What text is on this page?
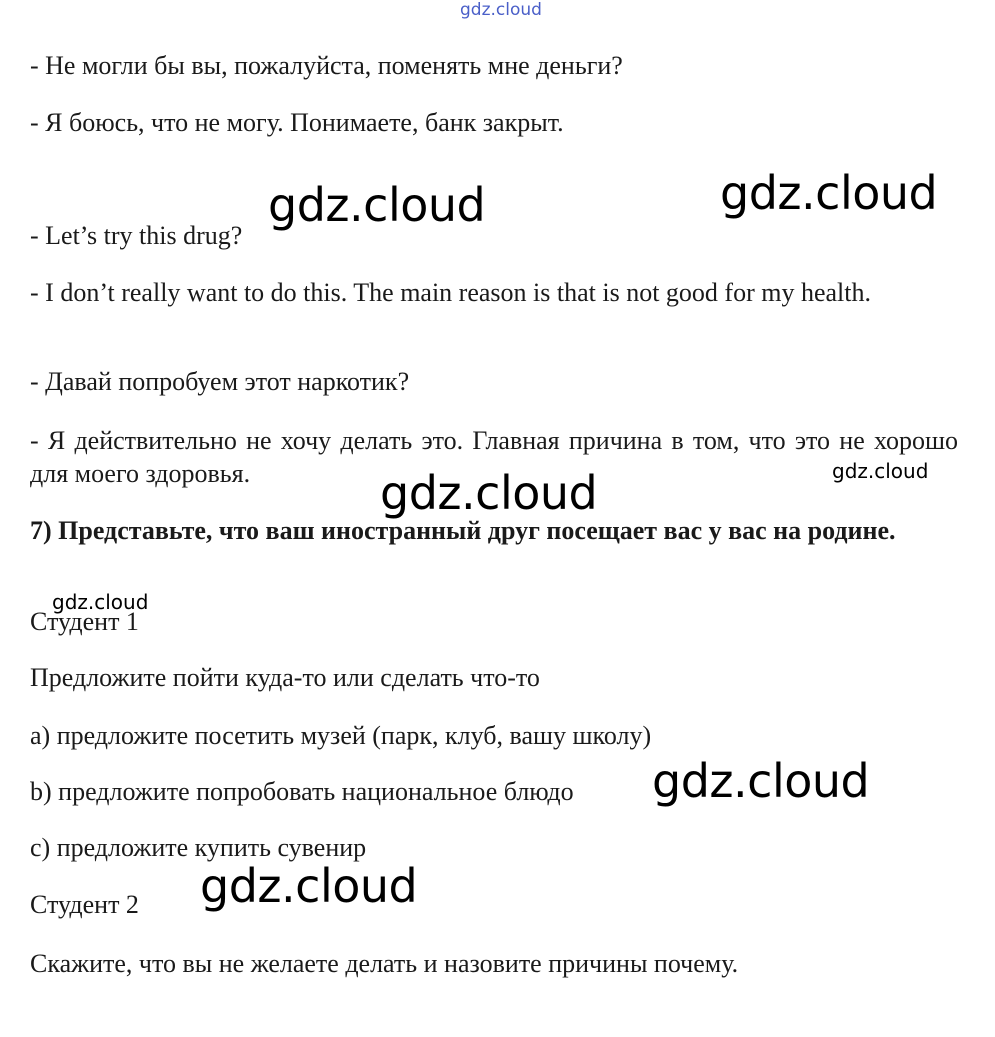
gdz.cloud
- Не могли бы вы, пожалуйста, поменять мне деньги?
- Я боюсь, что не могу. Понимаете, банк закрыт.
gdz.cloud	gdz.cloud
- Let’s try this drug?
- I don’t really want to do this. The main reason is that is not good for my health.
- Давай попробуем этот наркотик?
- Я действительно не хочу делать это. Главная причина в том, что это не хорошо для моего здоровья.	gdz.cloud
gdz.cloud
7) Представьте, что ваш иностранный друг посещает вас у вас на родине.
gdz.cloud
Студент 1
Предложите пойти куда-то или сделать что-то
a) предложите посетить музей (парк, клуб, вашу школу)
b) предложите попробовать национальное блюдо gdz.cloud
c) предложите купить сувенир
gdz.cloud
Студент 2
Скажите, что вы не желаете делать и назовите причины почему.
